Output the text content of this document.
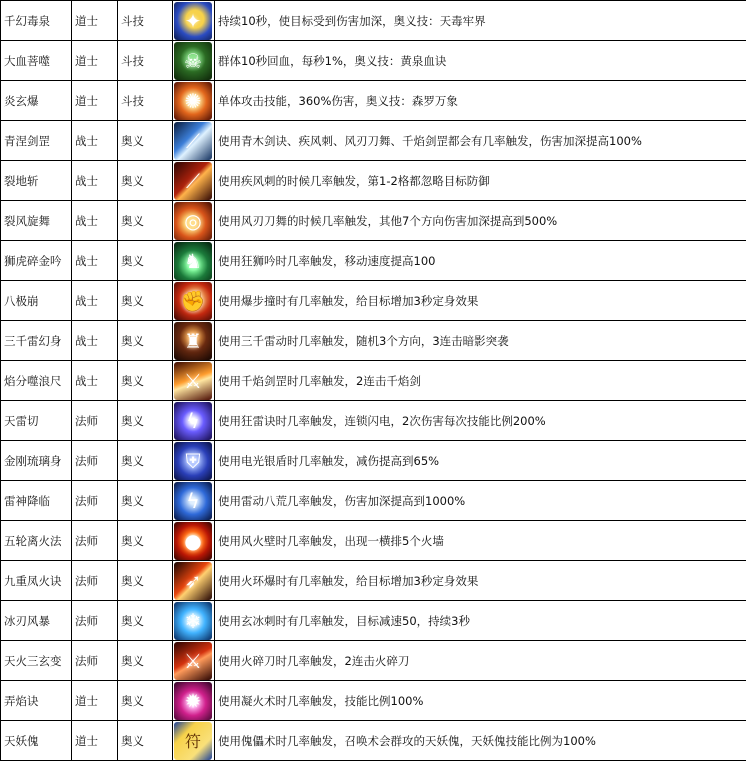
千幻毒泉	道士	斗技	✦	持续10秒，使目标受到伤害加深，奥义技：天毒牢界
大血菩噬	道士	斗技	☠	群体10秒回血，每秒1%，奥义技：黄泉血诀
炎玄爆	道士	斗技	✺	单体攻击技能，360%伤害，奥义技：森罗万象
青涅剑罡	战士	奥义	⟋	使用青木剑诀、疾风刺、风刃刀舞、千焰剑罡都会有几率触发，伤害加深提高100%
裂地斩	战士	奥义	⟋	使用疾风刺的时候几率触发，第1-2格都忽略目标防御
裂风旋舞	战士	奥义	◎	使用风刃刀舞的时候几率触发，其他7个方向伤害加深提高到500%
狮虎碎金吟	战士	奥义	♞	使用狂狮吟时几率触发，移动速度提高100
八极崩	战士	奥义	✊	使用爆步撞时有几率触发，给目标增加3秒定身效果
三千雷幻身	战士	奥义	♜	使用三千雷动时几率触发，随机3个方向，3连击暗影突袭
焰分噬浪尺	战士	奥义	⚔	使用千焰剑罡时几率触发，2连击千焰剑
天雷切	法师	奥义	ϟ	使用狂雷诀时几率触发，连锁闪电，2次伤害每次技能比例200%
金刚琉璃身	法师	奥义	⛨	使用电光银盾时几率触发，减伤提高到65%
雷神降临	法师	奥义	ϟ	使用雷动八荒几率触发，伤害加深提高到1000%
五轮离火法	法师	奥义	●	使用风火壁时几率触发，出现一横排5个火墙
九重凤火诀	法师	奥义	➶	使用火环爆时有几率触发，给目标增加3秒定身效果
冰刃风暴	法师	奥义	❄	使用玄冰刺时有几率触发，目标减速50，持续3秒
天火三玄变	法师	奥义	⚔	使用火碎刀时几率触发，2连击火碎刀
弄焰诀	道士	奥义	✹	使用凝火术时几率触发，技能比例100%
天妖傀	道士	奥义	符	使用傀儡术时几率触发，召唤术会群攻的天妖傀，天妖傀技能比例为100%
